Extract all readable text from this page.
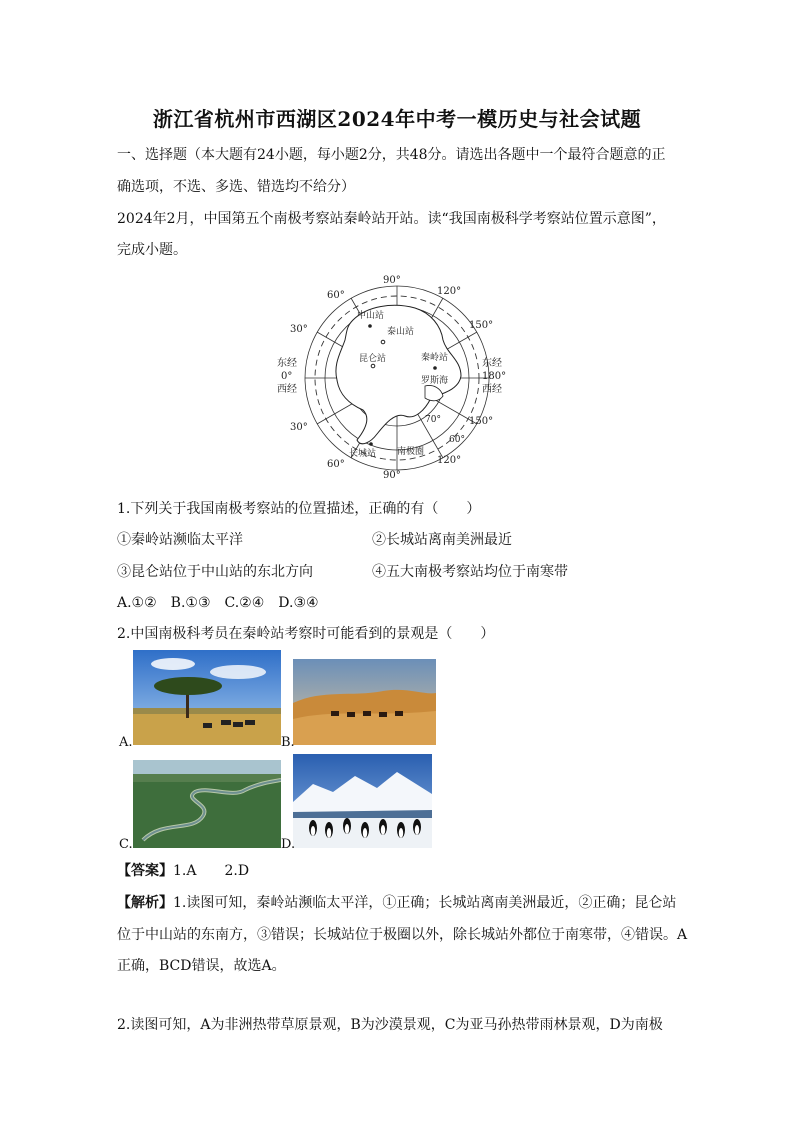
浙江省杭州市西湖区2024年中考一模历史与社会试题
一、选择题（本大题有24小题，每小题2分，共48分。请选出各题中一个最符合题意的正
确选项，不选、多选、错选均不给分）
2024年2月，中国第五个南极考察站秦岭站开站。读“我国南极科学考察站位置示意图”，
完成小题。
90°
60°	120°
30°	150°
东经
0°
西经
东经
180°
西经
30°
150°
60°	120°
90°
70°
60°
中山站
泰山站
昆仑站	秦岭站
罗斯海
长城站 南极圈
1.下列关于我国南极考察站的位置描述，正确的有（　　）
①秦岭站濒临太平洋	②长城站离南美洲最近
③昆仑站位于中山站的东北方向	④五大南极考察站均位于南寒带
A.①②　B.①③　C.②④　D.③④
2.中国南极科考员在秦岭站考察时可能看到的景观是（　　）
A.	B.
C.	D.
【答案】1.A　　2.D
【解析】1.读图可知，秦岭站濒临太平洋，①正确；长城站离南美洲最近，②正确；昆仑站
位于中山站的东南方，③错误；长城站位于极圈以外，除长城站外都位于南寒带，④错误。A
正确，BCD错误，故选A。
2.读图可知，A为非洲热带草原景观，B为沙漠景观，C为亚马孙热带雨林景观，D为南极
